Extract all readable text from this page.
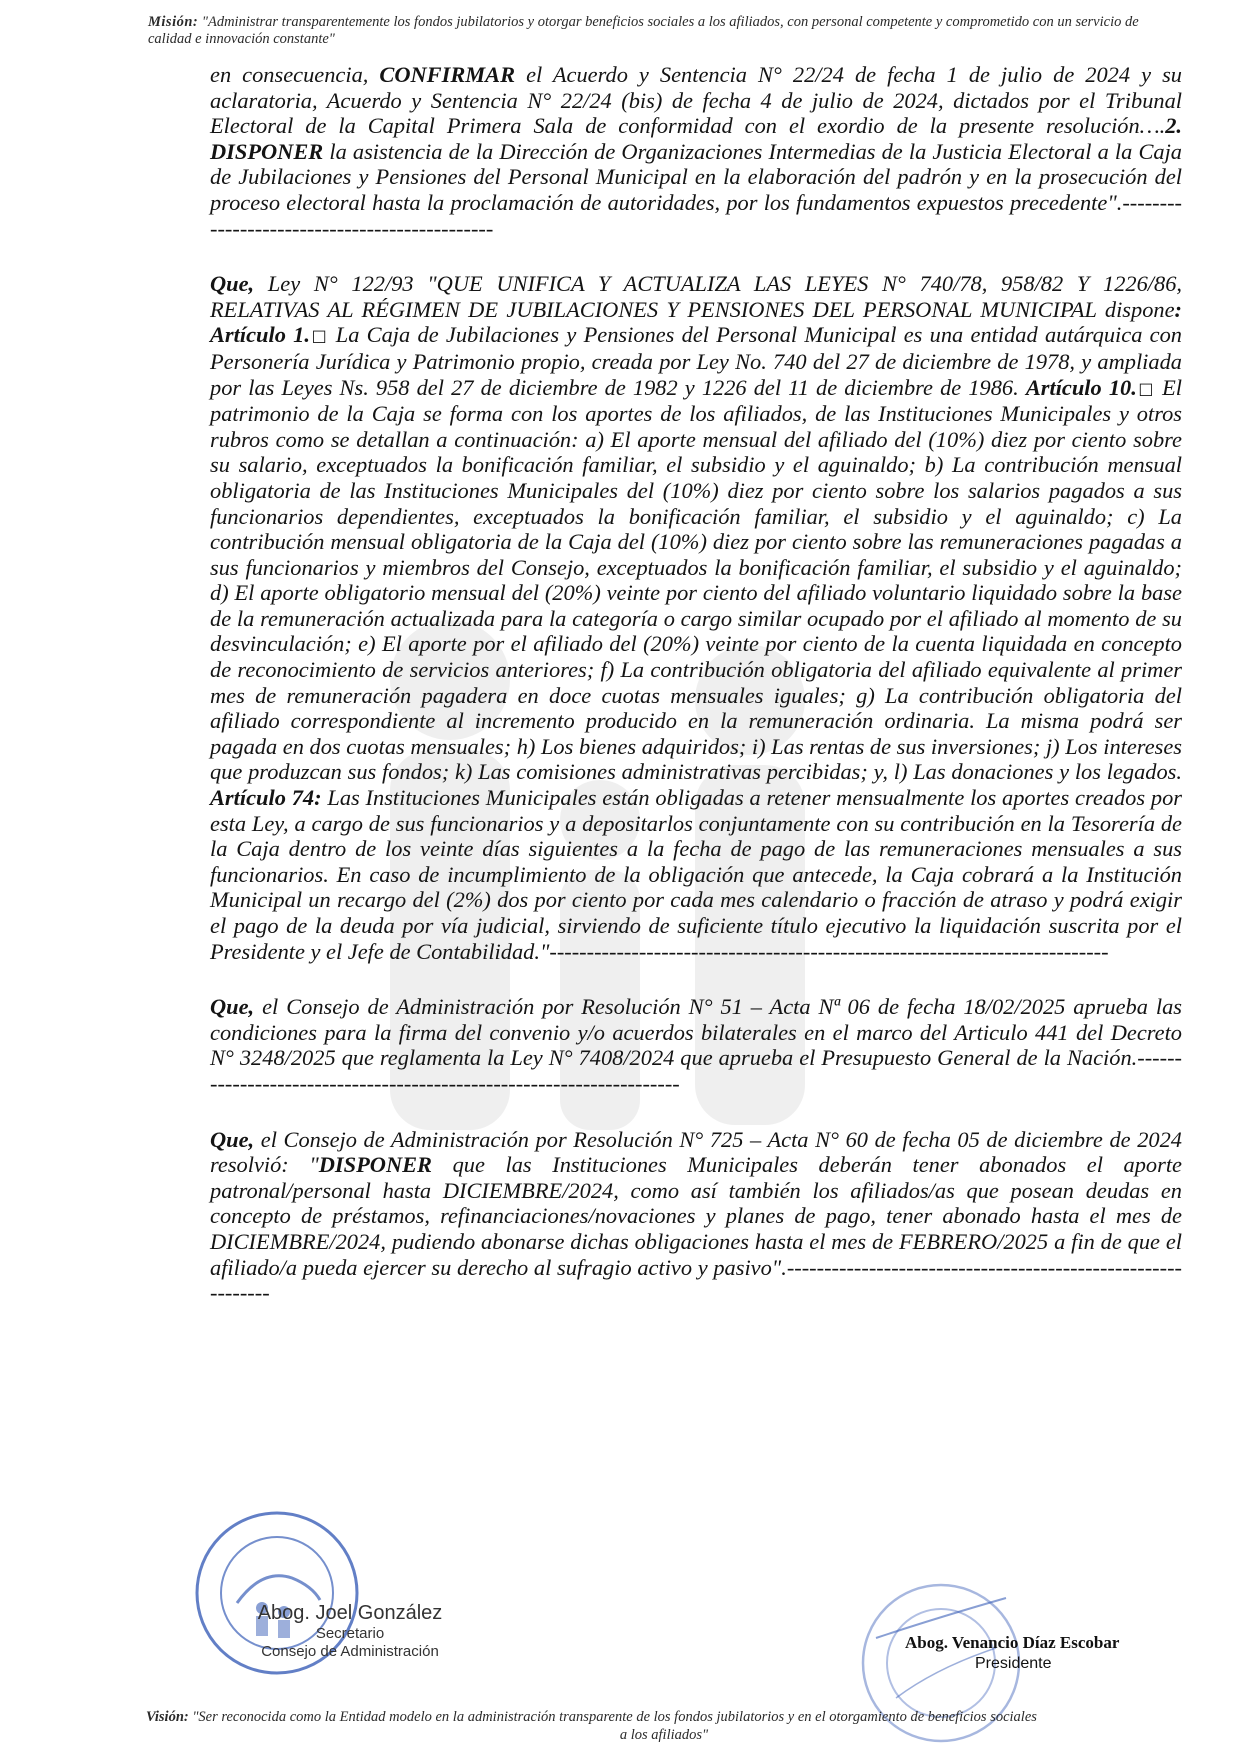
Misión: "Administrar transparentemente los fondos jubilatorios y otorgar beneficios sociales a los afiliados, con personal competente y comprometido con un servicio de calidad e innovación constante"

en consecuencia, CONFIRMAR el Acuerdo y Sentencia N° 22/24 de fecha 1 de julio de 2024 y su aclaratoria, Acuerdo y Sentencia N° 22/24 (bis) de fecha 4 de julio de 2024, dictados por el Tribunal Electoral de la Capital Primera Sala de conformidad con el exordio de la presente resolución….2. DISPONER la asistencia de la Dirección de Organizaciones Intermedias de la Justicia Electoral a la Caja de Jubilaciones y Pensiones del Personal Municipal en la elaboración del padrón y en la prosecución del proceso electoral hasta la proclamación de autoridades, por los fundamentos expuestos precedente".----------------------------------------------

Que, Ley N° 122/93 "QUE UNIFICA Y ACTUALIZA LAS LEYES N° 740/78, 958/82 Y 1226/86, RELATIVAS AL RÉGIMEN DE JUBILACIONES Y PENSIONES DEL PERSONAL MUNICIPAL dispone: Artículo 1.□ La Caja de Jubilaciones y Pensiones del Personal Municipal es una entidad autárquica con Personería Jurídica y Patrimonio propio, creada por Ley No. 740 del 27 de diciembre de 1978, y ampliada por las Leyes Ns. 958 del 27 de diciembre de 1982 y 1226 del 11 de diciembre de 1986. Artículo 10.□ El patrimonio de la Caja se forma con los aportes de los afiliados, de las Instituciones Municipales y otros rubros como se detallan a continuación: a) El aporte mensual del afiliado del (10%) diez por ciento sobre su salario, exceptuados la bonificación familiar, el subsidio y el aguinaldo; b) La contribución mensual obligatoria de las Instituciones Municipales del (10%) diez por ciento sobre los salarios pagados a sus funcionarios dependientes, exceptuados la bonificación familiar, el subsidio y el aguinaldo; c) La contribución mensual obligatoria de la Caja del (10%) diez por ciento sobre las remuneraciones pagadas a sus funcionarios y miembros del Consejo, exceptuados la bonificación familiar, el subsidio y el aguinaldo; d) El aporte obligatorio mensual del (20%) veinte por ciento del afiliado voluntario liquidado sobre la base de la remuneración actualizada para la categoría o cargo similar ocupado por el afiliado al momento de su desvinculación; e) El aporte por el afiliado del (20%) veinte por ciento de la cuenta liquidada en concepto de reconocimiento de servicios anteriores; f) La contribución obligatoria del afiliado equivalente al primer mes de remuneración pagadera en doce cuotas mensuales iguales; g) La contribución obligatoria del afiliado correspondiente al incremento producido en la remuneración ordinaria. La misma podrá ser pagada en dos cuotas mensuales; h) Los bienes adquiridos; i) Las rentas de sus inversiones; j) Los intereses que produzcan sus fondos; k) Las comisiones administrativas percibidas; y, l) Las donaciones y los legados. Artículo 74: Las Instituciones Municipales están obligadas a retener mensualmente los aportes creados por esta Ley, a cargo de sus funcionarios y a depositarlos conjuntamente con su contribución en la Tesorería de la Caja dentro de los veinte días siguientes a la fecha de pago de las remuneraciones mensuales a sus funcionarios. En caso de incumplimiento de la obligación que antecede, la Caja cobrará a la Institución Municipal un recargo del (2%) dos por ciento por cada mes calendario o fracción de atraso y podrá exigir el pago de la deuda por vía judicial, sirviendo de suficiente título ejecutivo la liquidación suscrita por el Presidente y el Jefe de Contabilidad."---------------------------------------------------------------------------

Que, el Consejo de Administración por Resolución N° 51 – Acta Nª 06 de fecha 18/02/2025 aprueba las condiciones para la firma del convenio y/o acuerdos bilaterales en el marco del Articulo 441 del Decreto N° 3248/2025 que reglamenta la Ley N° 7408/2024 que aprueba el Presupuesto General de la Nación.---------------------------------------------------------------------

Que, el Consejo de Administración por Resolución N° 725 – Acta N° 60 de fecha 05 de diciembre de 2024 resolvió: "DISPONER que las Instituciones Municipales deberán tener abonados el aporte patronal/personal hasta DICIEMBRE/2024, como así también los afiliados/as que posean deudas en concepto de préstamos, refinanciaciones/novaciones y planes de pago, tener abonado hasta el mes de DICIEMBRE/2024, pudiendo abonarse dichas obligaciones hasta el mes de FEBRERO/2025 a fin de que el afiliado/a pueda ejercer su derecho al sufragio activo y pasivo".-------------------------------------------------------------

Abog. Joel González
Secretario
Consejo de Administración	Abog. Venancio Díaz Escobar
Presidente
Visión: "Ser reconocida como la Entidad modelo en la administración transparente de los fondos jubilatorios y en el otorgamiento de beneficios sociales
a los afiliados"
